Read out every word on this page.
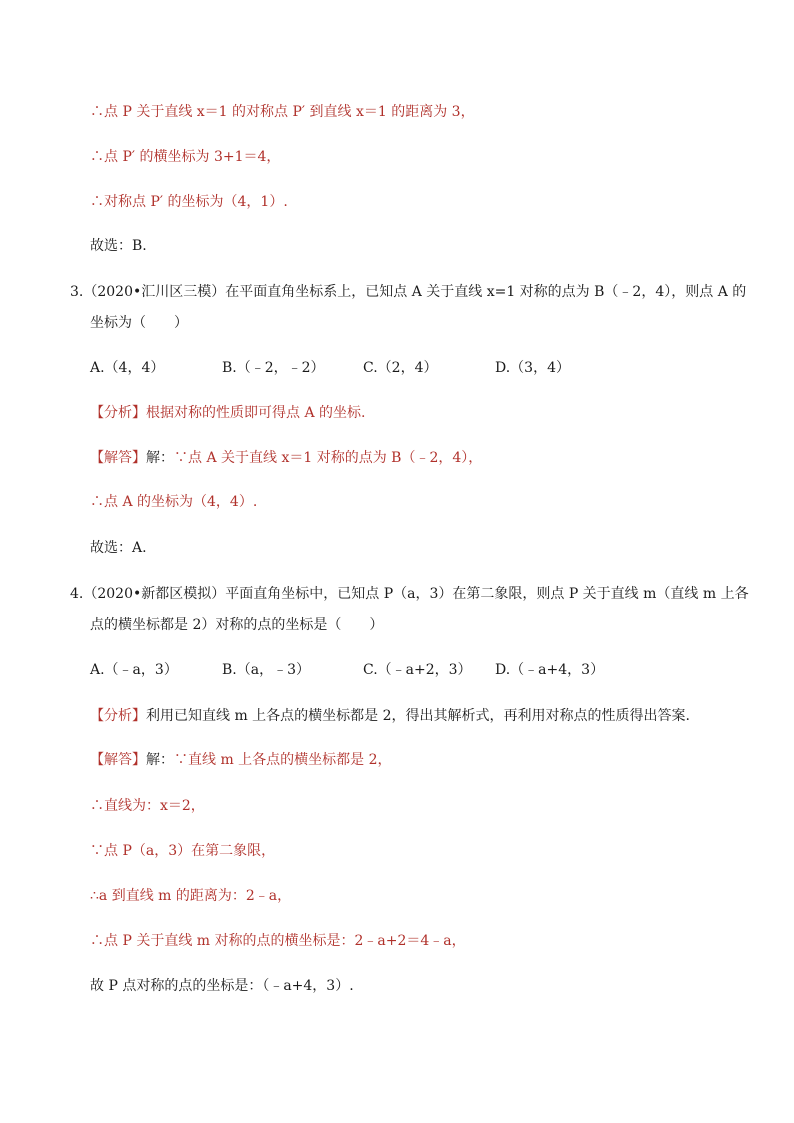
∴点 P 关于直线 x＝1 的对称点 P′ 到直线 x＝1 的距离为 3，
∴点 P′ 的横坐标为 3+1＝4，
∴对称点 P′ 的坐标为（4，1）.
故选：B.
3.（2020•汇川区三模）在平面直角坐标系上，已知点 A 关于直线 x=1 对称的点为 B（﹣2，4），则点 A 的
坐标为（　　）
A.（4，4）	B.（﹣2，﹣2）	C.（2，4）	D.（3，4）
【分析】根据对称的性质即可得点 A 的坐标.
【解答】解：∵点 A 关于直线 x＝1 对称的点为 B（﹣2，4），
∴点 A 的坐标为（4，4）.
故选：A.
4.（2020•新都区模拟）平面直角坐标中，已知点 P（a，3）在第二象限，则点 P 关于直线 m（直线 m 上各
点的横坐标都是 2）对称的点的坐标是（　　）
A.（﹣a，3）	B.（a，﹣3）	C.（﹣a+2，3） D.（﹣a+4，3）
【分析】利用已知直线 m 上各点的横坐标都是 2，得出其解析式，再利用对称点的性质得出答案.
【解答】解：∵直线 m 上各点的横坐标都是 2，
∴直线为：x＝2，
∵点 P（a，3）在第二象限，
∴a 到直线 m 的距离为：2﹣a，
∴点 P 关于直线 m 对称的点的横坐标是：2﹣a+2＝4﹣a，
故 P 点对称的点的坐标是：（﹣a+4，3）.
